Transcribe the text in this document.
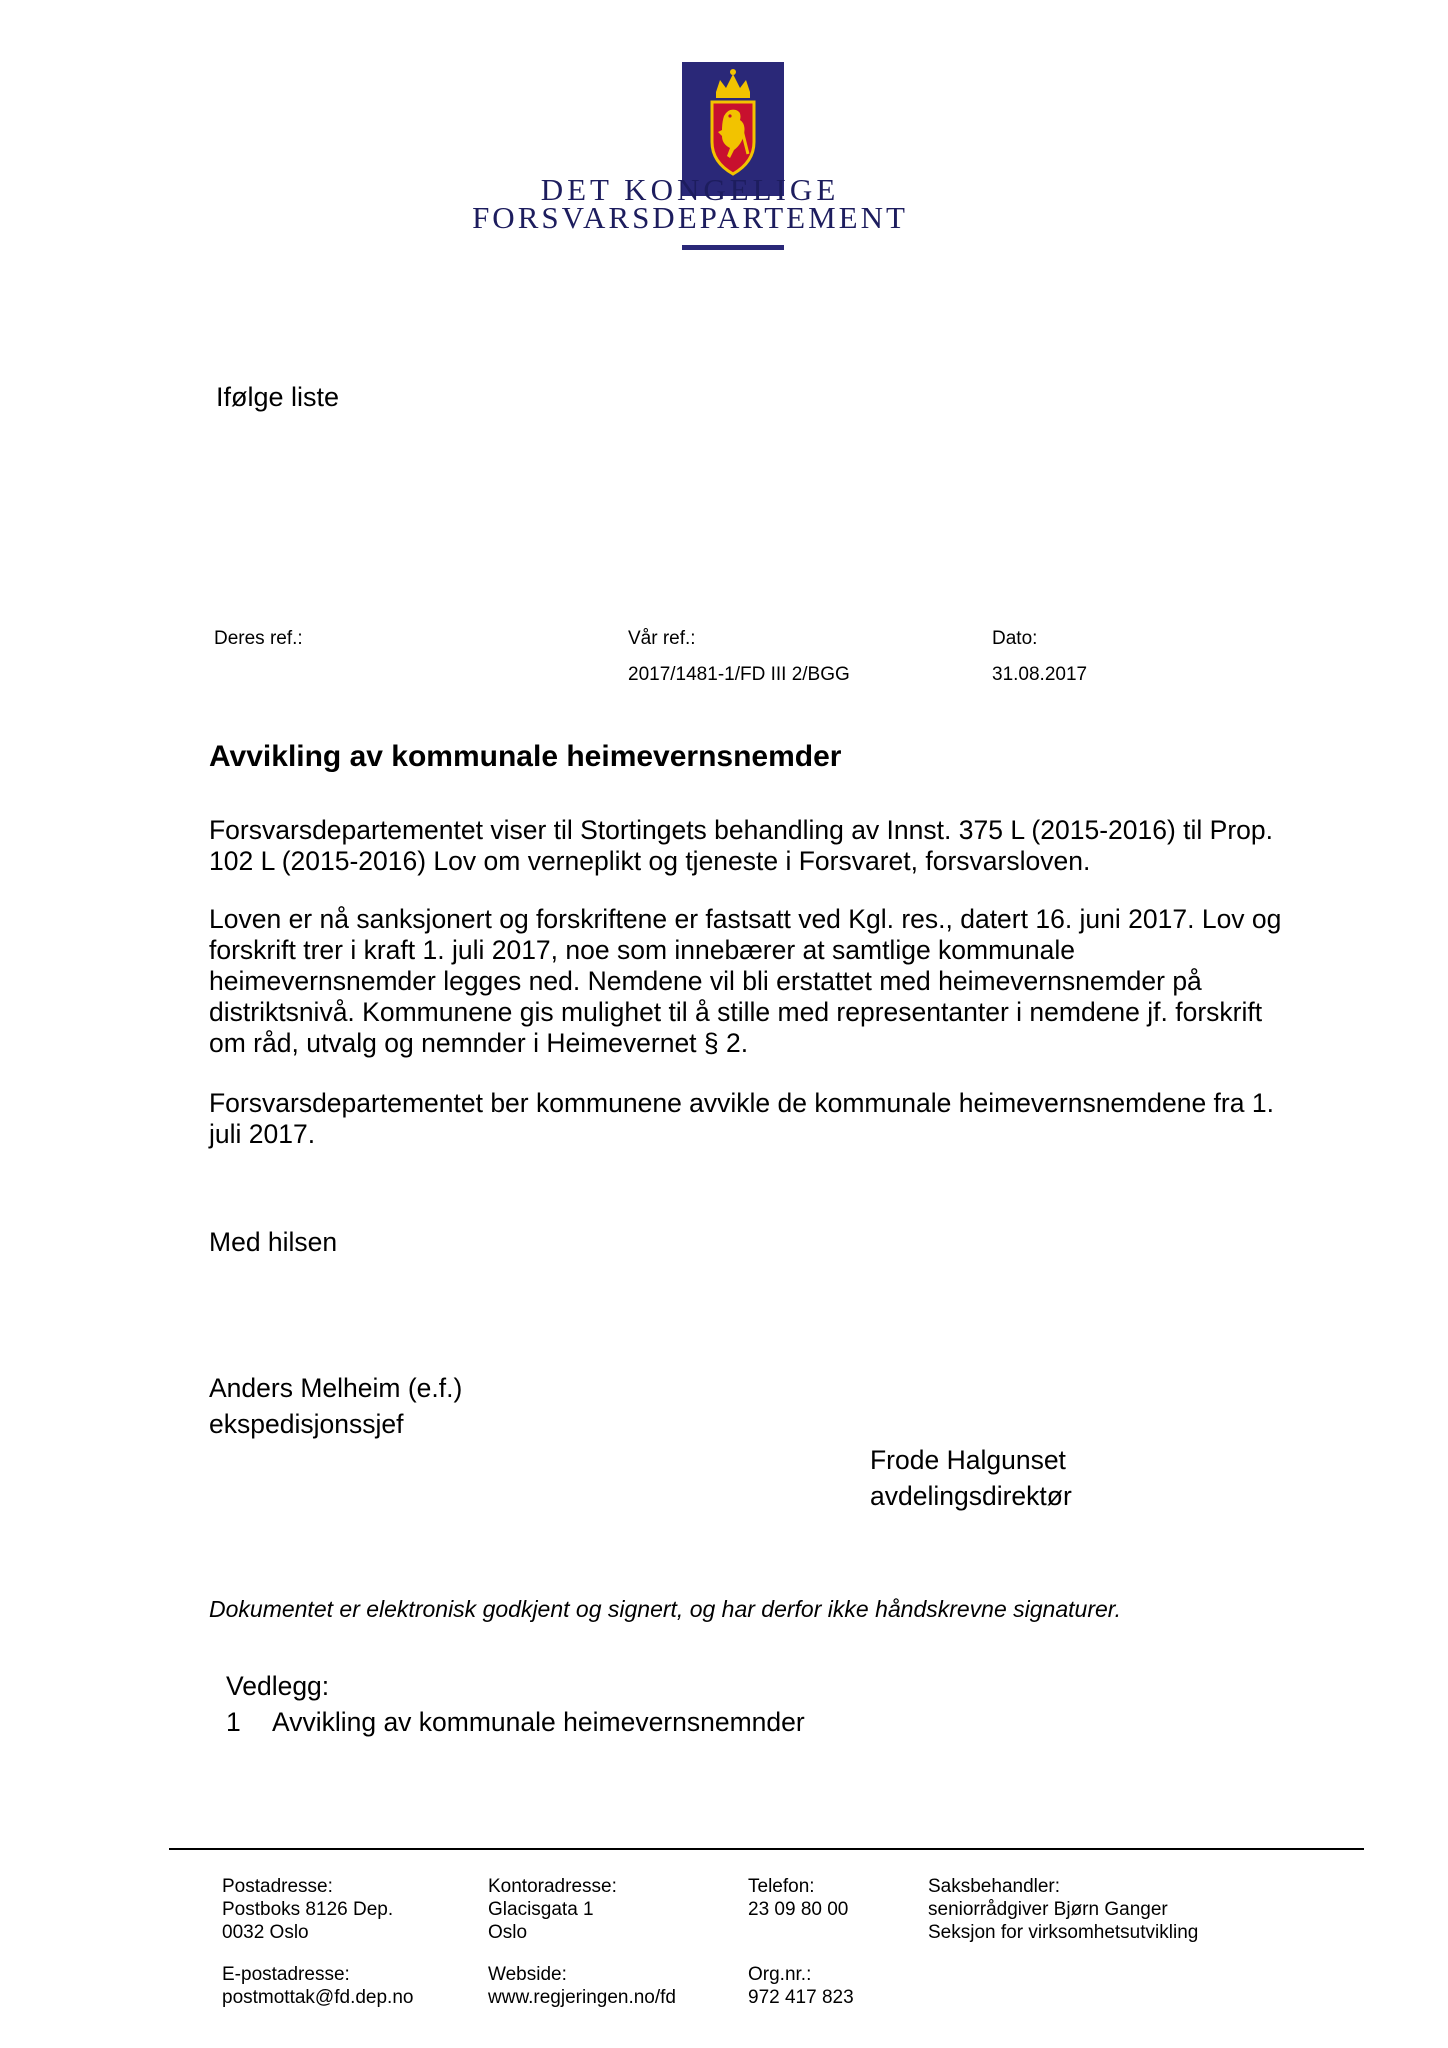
DET KONGELIGE
FORSVARSDEPARTEMENT
Ifølge liste
Deres ref.:	Vår ref.:
2017/1481-1/FD III 2/BGG
Dato:
31.08.2017
Avvikling av kommunale heimevernsnemder
Forsvarsdepartementet viser til Stortingets behandling av Innst. 375 L (2015-2016) til Prop.
102 L (2015-2016) Lov om verneplikt og tjeneste i Forsvaret, forsvarsloven.
Loven er nå sanksjonert og forskriftene er fastsatt ved Kgl. res., datert 16. juni 2017. Lov og
forskrift trer i kraft 1. juli 2017, noe som innebærer at samtlige kommunale
heimevernsnemder legges ned. Nemdene vil bli erstattet med heimevernsnemder på
distriktsnivå. Kommunene gis mulighet til å stille med representanter i nemdene jf. forskrift
om råd, utvalg og nemnder i Heimevernet § 2.
Forsvarsdepartementet ber kommunene avvikle de kommunale heimevernsnemdene fra 1.
juli 2017.
Med hilsen
Anders Melheim (e.f.)
ekspedisjonssjef
Frode Halgunset
avdelingsdirektør
Dokumentet er elektronisk godkjent og signert, og har derfor ikke håndskrevne signaturer.
Vedlegg:
1 Avvikling av kommunale heimevernsnemnder
Postadresse:
Postboks 8126 Dep.
0032 Oslo
Kontoradresse:
Glacisgata 1
Oslo
Telefon:
23 09 80 00
Saksbehandler:
seniorrådgiver Bjørn Ganger
Seksjon for virksomhetsutvikling
E-postadresse:
postmottak@fd.dep.no
Webside:
www.regjeringen.no/fd
Org.nr.:
972 417 823
